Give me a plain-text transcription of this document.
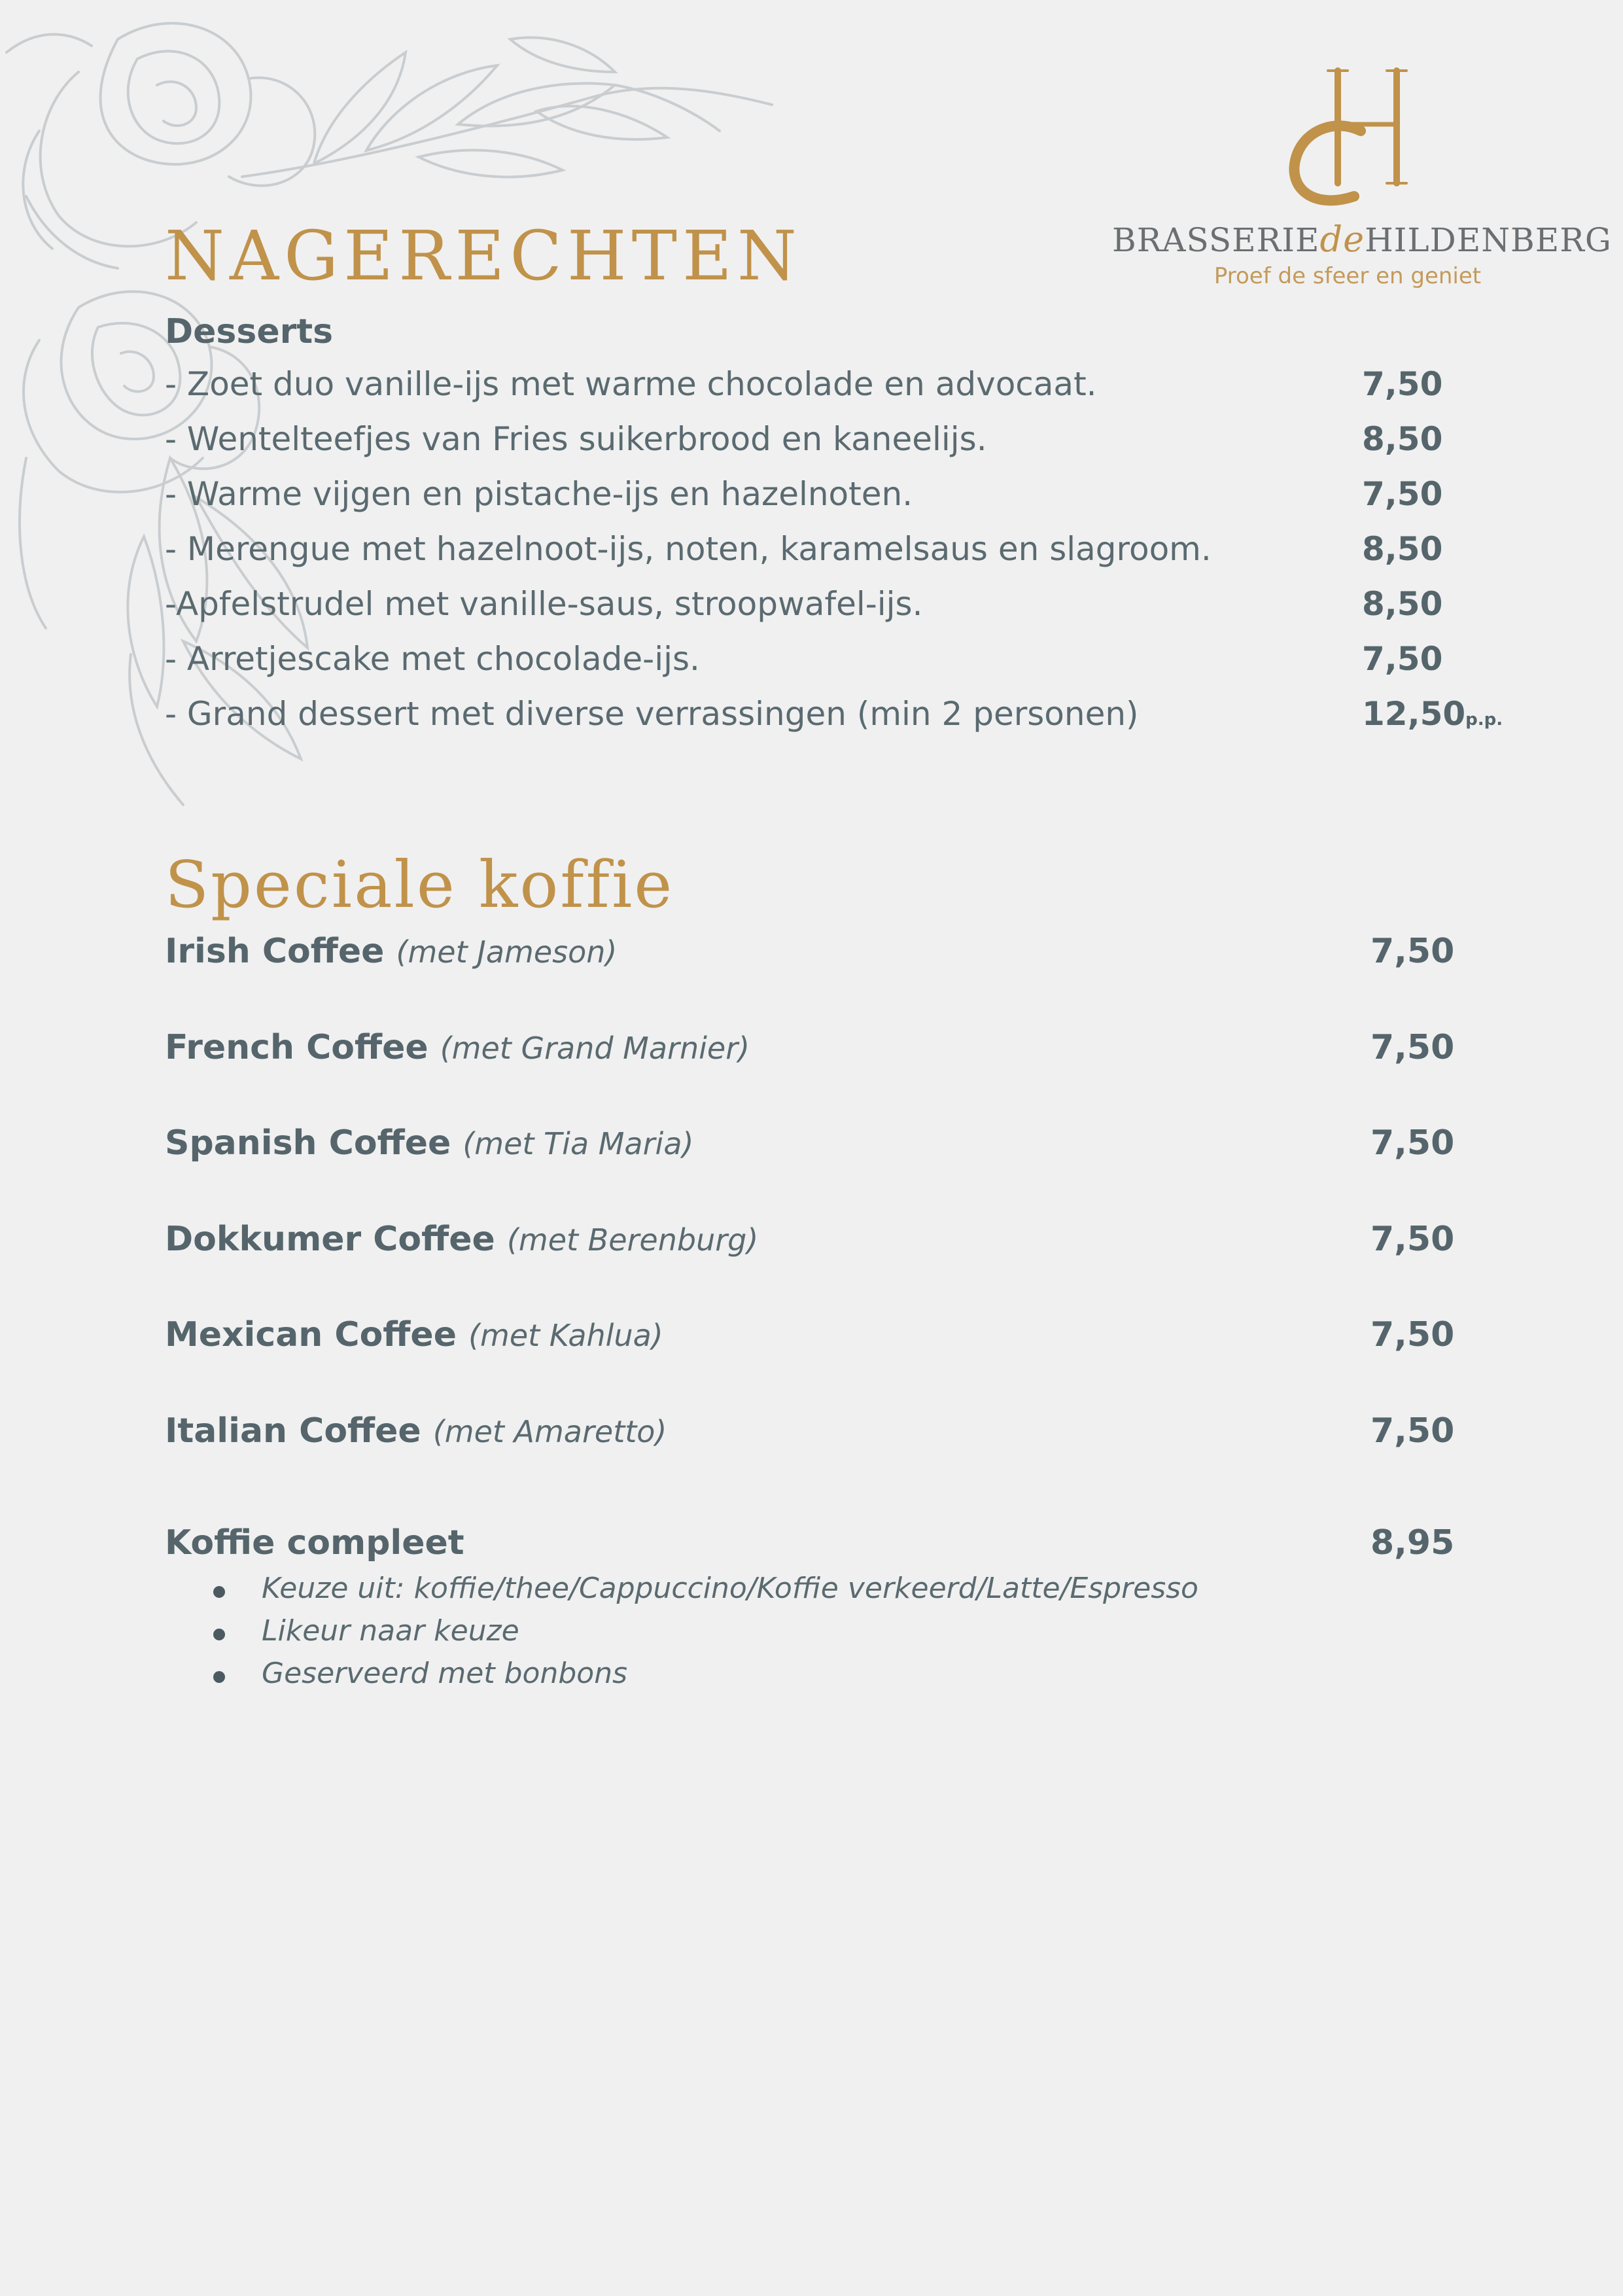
BRASSERIEdeHILDENBERG
Proef de sfeer en geniet
NAGERECHTEN
Desserts
- Zoet duo vanille-ijs met warme chocolade en advocaat.	7,50
- Wentelteefjes van Fries suikerbrood en kaneelijs.	8,50
- Warme vijgen en pistache-ijs en hazelnoten.	7,50
- Merengue met hazelnoot-ijs, noten, karamelsaus en slagroom.	8,50
-Apfelstrudel met vanille-saus, stroopwafel-ijs.	8,50
- Arretjescake met chocolade-ijs.	7,50
- Grand dessert met diverse verrassingen (min 2 personen)	12,50p.p.
Speciale koffie
Irish Coffee (met Jameson)	7,50
French Coffee (met Grand Marnier)	7,50
Spanish Coffee (met Tia Maria)	7,50
Dokkumer Coffee (met Berenburg)	7,50
Mexican Coffee (met Kahlua)	7,50
Italian Coffee (met Amaretto)	7,50
Koffie compleet	8,95
Keuze uit: koffie/thee/Cappuccino/Koffie verkeerd/Latte/Espresso
Likeur naar keuze
Geserveerd met bonbons
